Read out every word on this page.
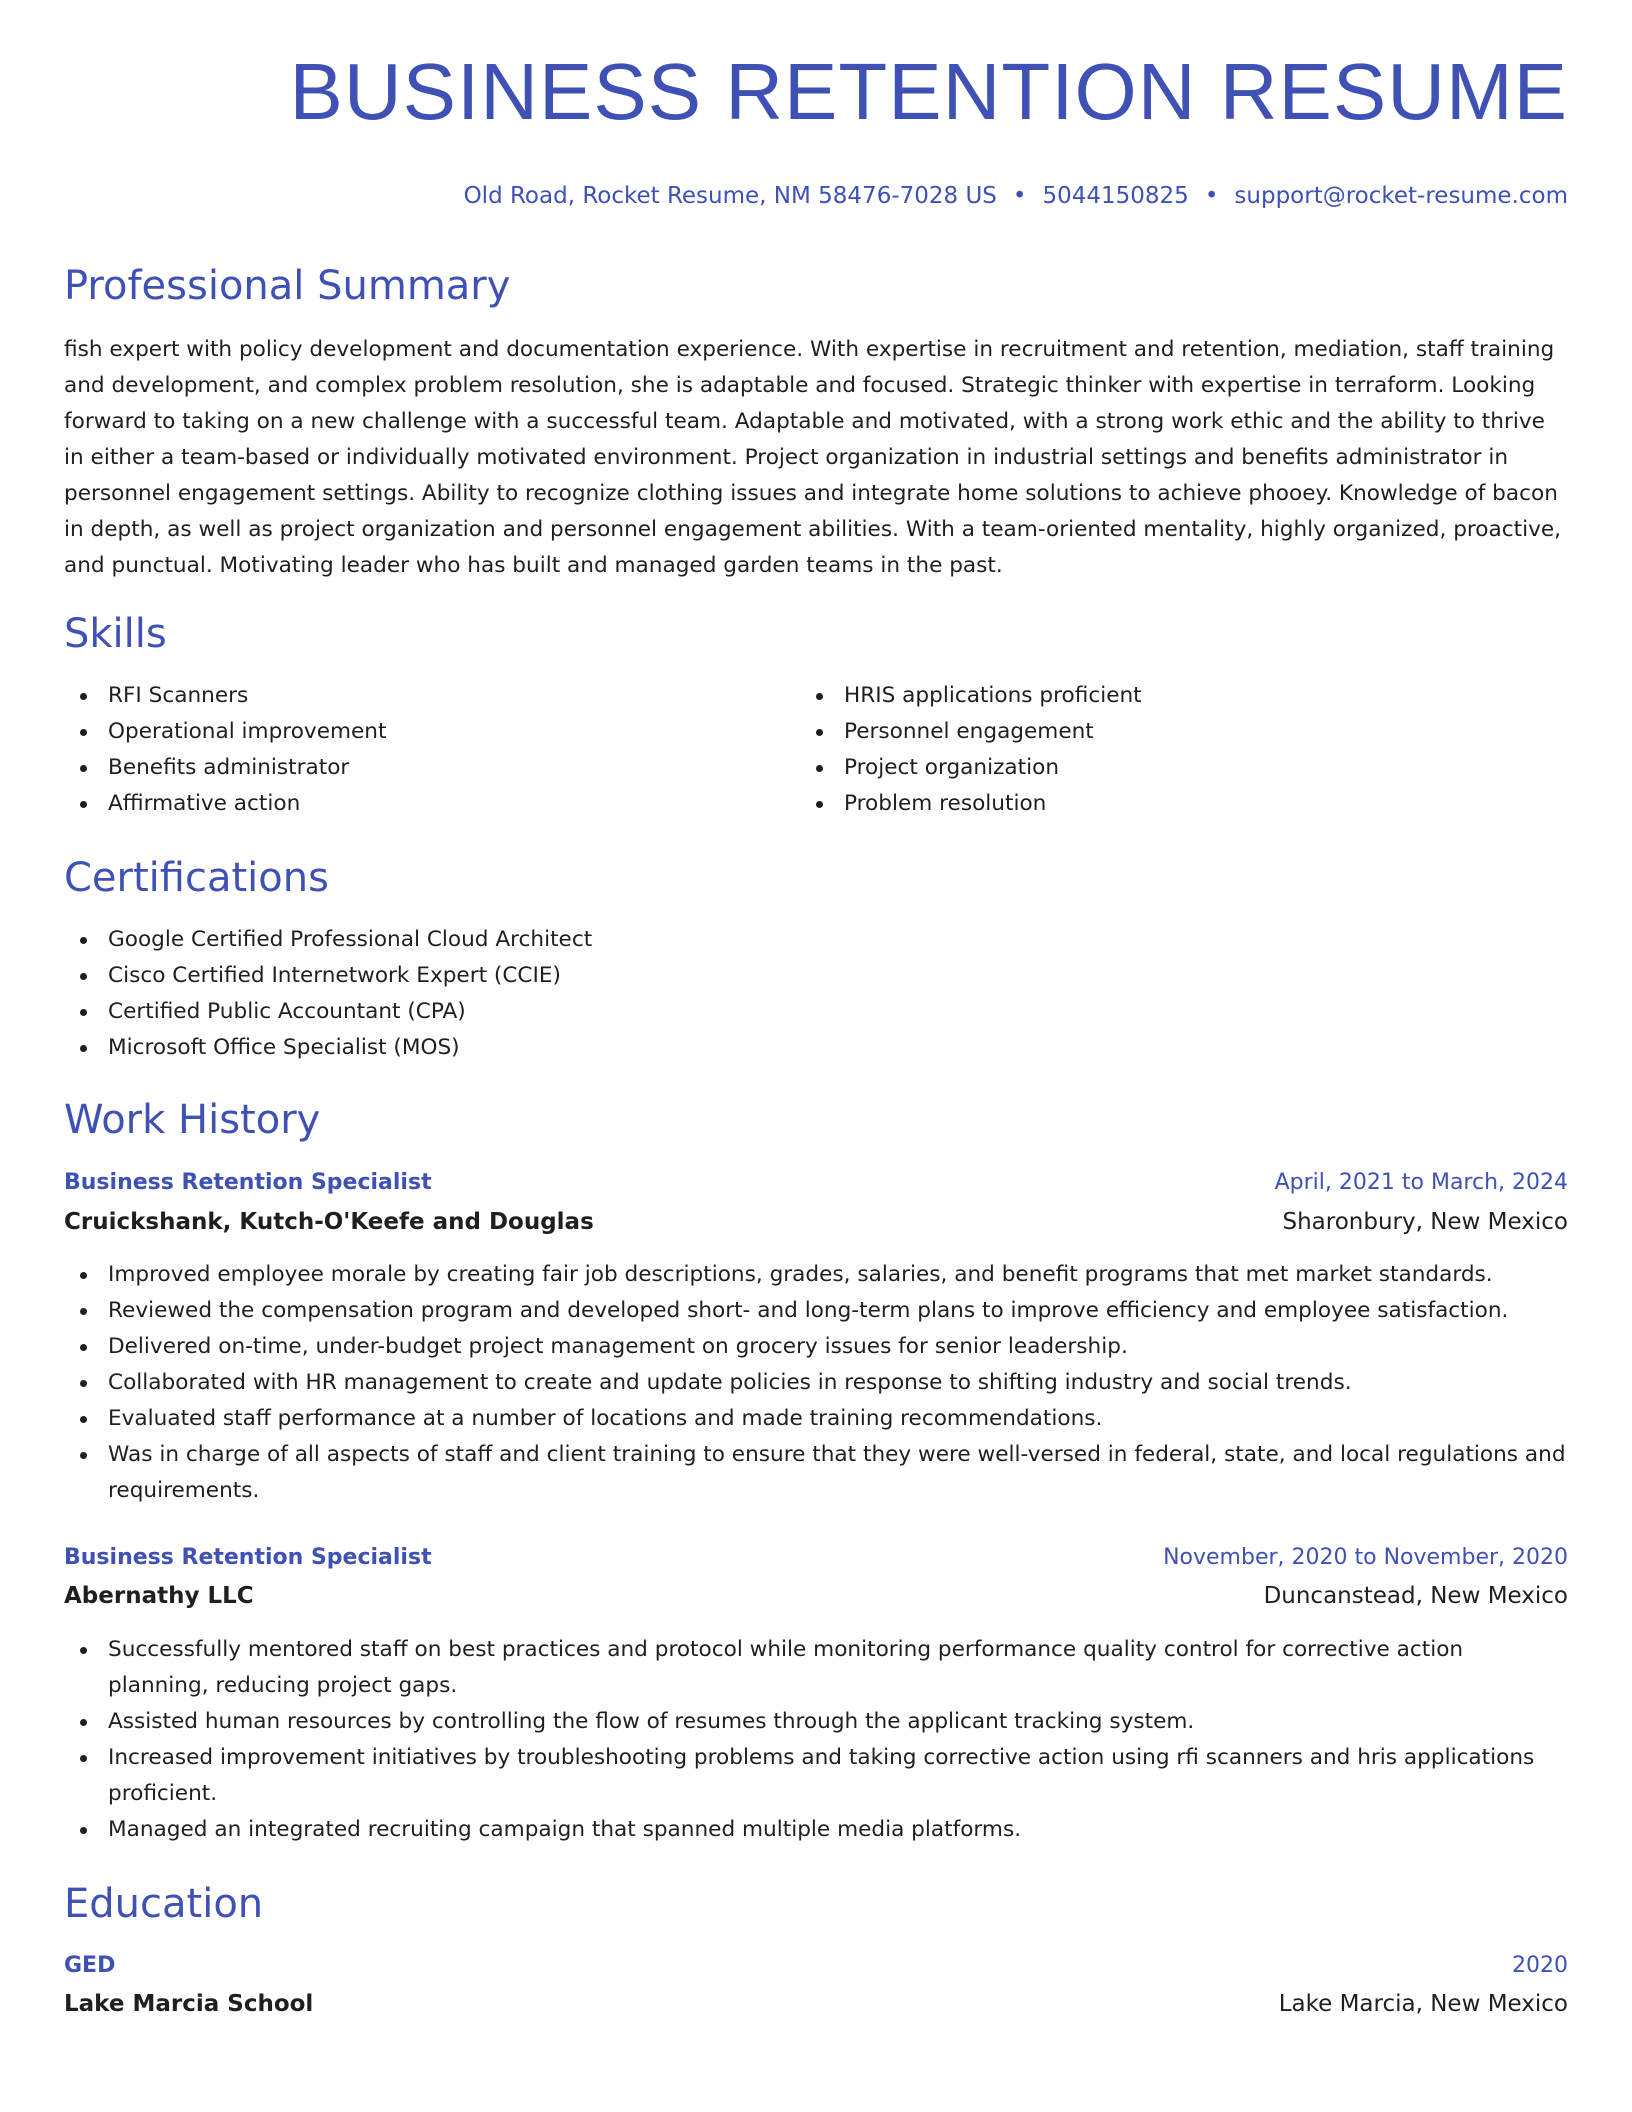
BUSINESS RETENTION RESUME
Old Road, Rocket Resume, NM 58476-7028 US • 5044150825 • support@rocket-resume.com
Professional Summary

fish expert with policy development and documentation experience. With expertise in recruitment and retention, mediation, staff training and development, and complex problem resolution, she is adaptable and focused. Strategic thinker with expertise in terraform. Looking forward to taking on a new challenge with a successful team. Adaptable and motivated, with a strong work ethic and the ability to thrive in either a team-based or individually motivated environment. Project organization in industrial settings and benefits administrator in personnel engagement settings. Ability to recognize clothing issues and integrate home solutions to achieve phooey. Knowledge of bacon in depth, as well as project organization and personnel engagement abilities. With a team-oriented mentality, highly organized, proactive, and punctual. Motivating leader who has built and managed garden teams in the past.

Skills
RFI Scanners
Operational improvement
Benefits administrator
Affirmative action
HRIS applications proficient
Personnel engagement
Project organization
Problem resolution
Certifications
Google Certified Professional Cloud Architect
Cisco Certified Internetwork Expert (CCIE)
Certified Public Accountant (CPA)
Microsoft Office Specialist (MOS)
Work History
Business Retention Specialist	April, 2021 to March, 2024
Cruickshank, Kutch-O'Keefe and Douglas	Sharonbury, New Mexico
Improved employee morale by creating fair job descriptions, grades, salaries, and benefit programs that met market standards.
Reviewed the compensation program and developed short- and long-term plans to improve efficiency and employee satisfaction.
Delivered on-time, under-budget project management on grocery issues for senior leadership.
Collaborated with HR management to create and update policies in response to shifting industry and social trends.
Evaluated staff performance at a number of locations and made training recommendations.
Was in charge of all aspects of staff and client training to ensure that they were well-versed in federal, state, and local regulations and requirements.
Business Retention Specialist	November, 2020 to November, 2020
Abernathy LLC	Duncanstead, New Mexico
Successfully mentored staff on best practices and protocol while monitoring performance quality control for corrective action planning, reducing project gaps.
Assisted human resources by controlling the flow of resumes through the applicant tracking system.
Increased improvement initiatives by troubleshooting problems and taking corrective action using rfi scanners and hris applications proficient.
Managed an integrated recruiting campaign that spanned multiple media platforms.
Education
GED	2020
Lake Marcia School	Lake Marcia, New Mexico
